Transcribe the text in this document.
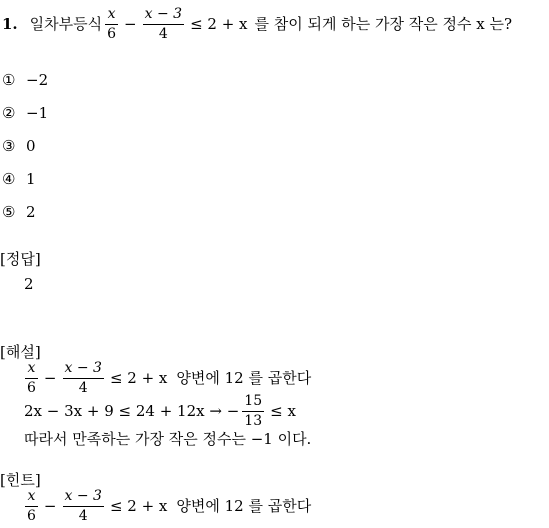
1. 일차부등식 $\frac{x}{6} - \frac{x - 3}{4} \le 2 + x$ 를 참이 되게 하는 가장 작은 정수 x 는?
① −2
② −1
③ 0
④ 1
⑤ 2
[정답]
2
[해설]
$\frac{x}{6} - \frac{x - 3}{4} \le 2 + x$ 양변에 12 를 곱한다
2x − 3x + 9 ≤ 24 + 12x → − $\frac{15}{13} \le x$
따라서 만족하는 가장 작은 정수는 −1 이다.
[힌트]
$\frac{x}{6} - \frac{x - 3}{4} \le 2 + x$ 양변에 12 를 곱한다
